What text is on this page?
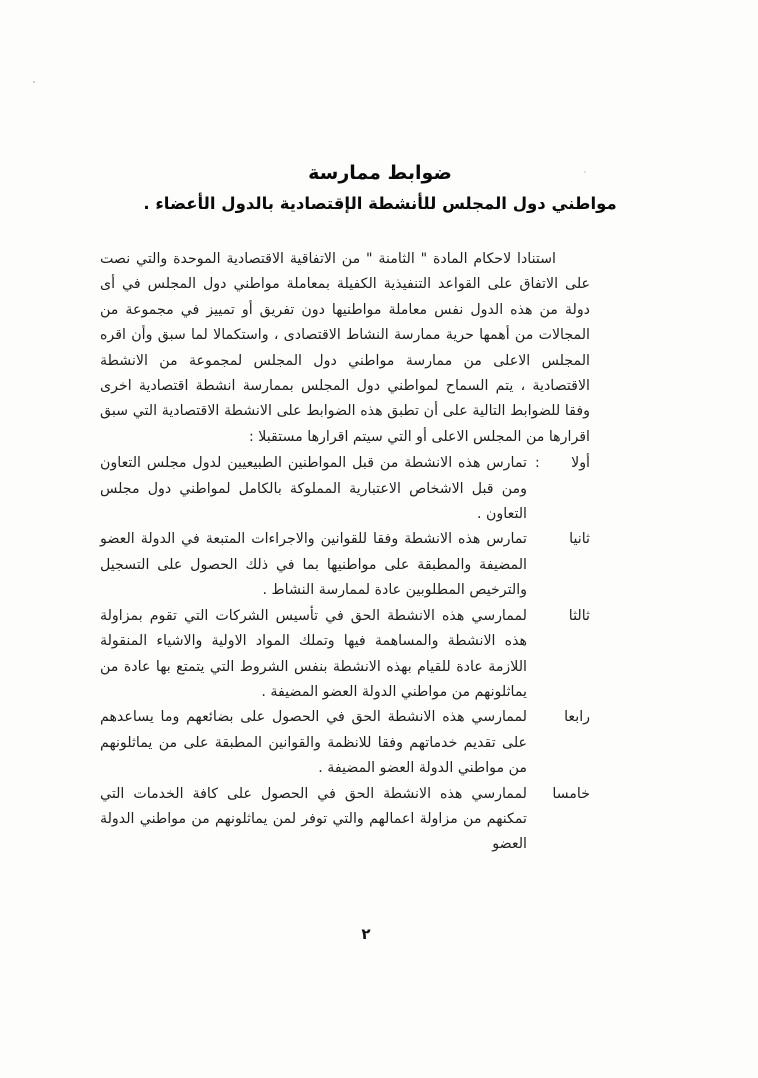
ضوابط ممارسة
مواطني دول المجلس للأنشطة الإقتصادية بالدول الأعضاء .

استنادا لاحكام المادة " الثامنة " من الاتفاقية الاقتصادية الموحدة والتي نصت على الاتفاق على القواعد التنفيذية الكفيلة بمعاملة مواطني دول المجلس في أى دولة من هذه الدول نفس معاملة مواطنيها دون تفريق أو تمييز في مجموعة من المجالات من أهمها حرية ممارسة النشاط الاقتصادى ، واستكمالا لما سبق وأن اقره المجلس الاعلى من ممارسة مواطني دول المجلس لمجموعة من الانشطة الاقتصادية ، يتم السماح لمواطني دول المجلس بممارسة انشطة اقتصادية اخرى وفقا للضوابط التالية على أن تطبق هذه الضوابط على الانشطة الاقتصادية التي سبق اقرارها من المجلس الاعلى أو التي سيتم اقرارها مستقبلا :

أولا
:
تمارس هذه الانشطة من قبل المواطنين الطبيعيين لدول مجلس التعاون ومن قبل الاشخاص الاعتبارية المملوكة بالكامل لمواطني دول مجلس التعاون .
ثانيا
تمارس هذه الانشطة وفقا للقوانين والاجراءات المتبعة في الدولة العضو المضيفة والمطبقة على مواطنيها بما في ذلك الحصول على التسجيل والترخيص المطلوبين عادة لممارسة النشاط .
ثالثا
لممارسي هذه الانشطة الحق في تأسيس الشركات التي تقوم بمزاولة هذه الانشطة والمساهمة فيها وتملك المواد الاولية والاشياء المنقولة اللازمة عادة للقيام بهذه الانشطة بنفس الشروط التي يتمتع بها عادة من يماثلونهم من مواطني الدولة العضو المضيفة .
رابعا
لممارسي هذه الانشطة الحق في الحصول على بضائعهم وما يساعدهم على تقديم خدماتهم وفقا للانظمة والقوانين المطبقة على من يماثلونهم من مواطني الدولة العضو المضيفة .
خامسا
لممارسي هذه الانشطة الحق في الحصول على كافة الخدمات التي تمكنهم من مزاولة اعمالهم والتي توفر لمن يماثلونهم من مواطني الدولة العضو
٢
